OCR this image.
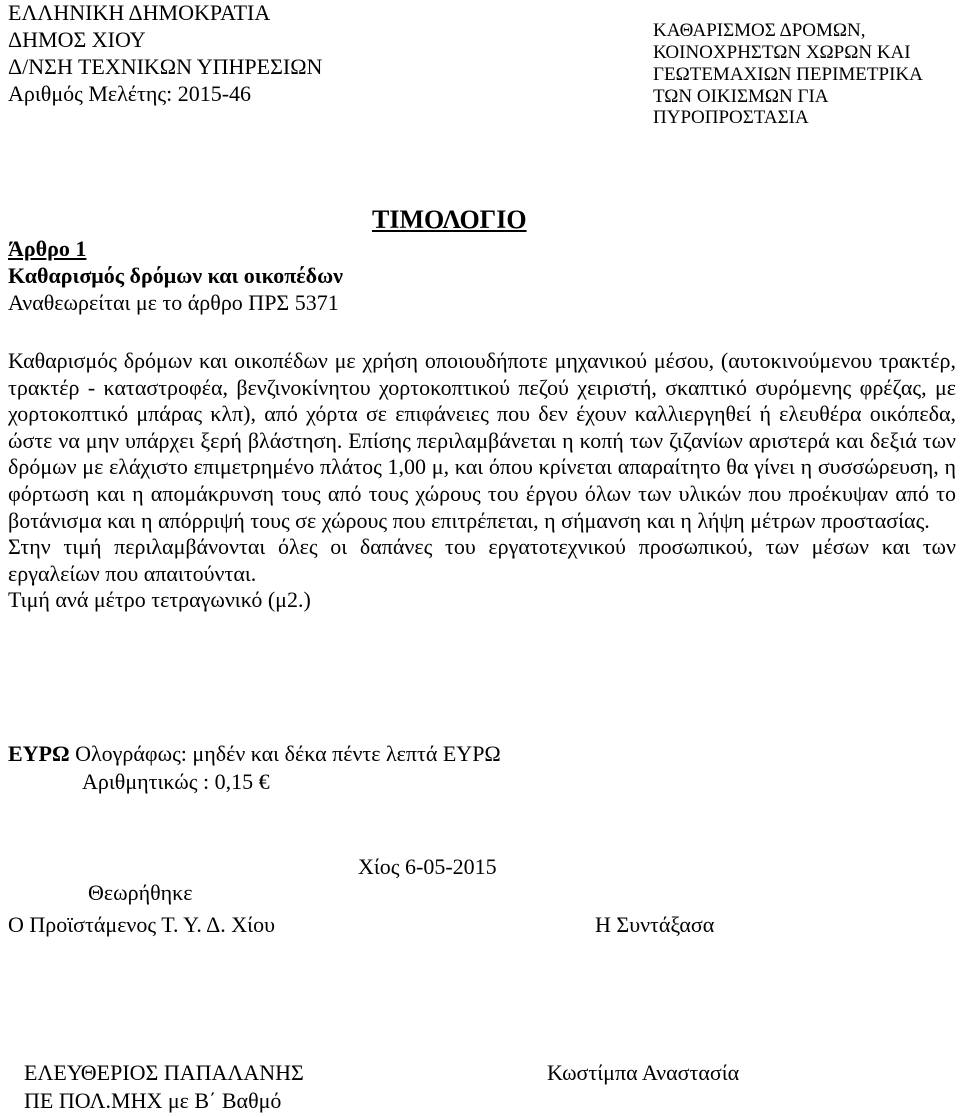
ΕΛΛΗΝΙΚΗ ΔΗΜΟΚΡΑΤΙΑ
ΔΗΜΟΣ ΧΙΟΥ
Δ/ΝΣΗ ΤΕΧΝΙΚΩΝ ΥΠΗΡΕΣΙΩΝ
Αριθμός Μελέτης: 2015-46
ΚΑΘΑΡΙΣΜΟΣ ΔΡΟΜΩΝ,
ΚΟΙΝΟΧΡΗΣΤΩΝ ΧΩΡΩΝ ΚΑΙ
ΓΕΩΤΕΜΑΧΙΩΝ ΠΕΡΙΜΕΤΡΙΚΑ
ΤΩΝ ΟΙΚΙΣΜΩΝ ΓΙΑ
ΠΥΡΟΠΡΟΣΤΑΣΙΑ
ΤΙΜΟΛΟΓΙΟ
Άρθρο 1
Καθαρισμός δρόμων και οικοπέδων
Αναθεωρείται με το άρθρο ΠΡΣ 5371

Καθαρισμός δρόμων και οικοπέδων με χρήση οποιουδήποτε μηχανικού μέσου, (αυτοκινούμενου τρακτέρ, τρακτέρ - καταστροφέα, βενζινοκίνητου χορτοκοπτικού πεζού χειριστή, σκαπτικό συρόμενης φρέζας, με χορτοκοπτικό μπάρας κλπ), από χόρτα σε επιφάνειες που δεν έχουν καλλιεργηθεί ή ελευθέρα οικόπεδα, ώστε να μην υπάρχει ξερή βλάστηση. Επίσης περιλαμβάνεται η κοπή των ζιζανίων αριστερά και δεξιά των δρόμων με ελάχιστο επιμετρημένο πλάτος 1,00 μ, και όπου κρίνεται απαραίτητο θα γίνει η συσσώρευση, η φόρτωση και η απομάκρυνση τους από τους χώρους του έργου όλων των υλικών που προέκυψαν από το βοτάνισμα και η απόρριψή τους σε χώρους που επιτρέπεται, η σήμανση και η λήψη μέτρων προστασίας.

Στην τιμή περιλαμβάνονται όλες οι δαπάνες του εργατοτεχνικού προσωπικού, των μέσων και των εργαλείων που απαιτούνται.

Τιμή ανά μέτρο τετραγωνικό (μ2.)

ΕΥΡΩ Ολογράφως: μηδέν και δέκα πέντε λεπτά ΕΥΡΩ
Αριθμητικώς : 0,15 €
Χίος 6-05-2015
Θεωρήθηκε
Ο Προϊστάμενος Τ. Υ. Δ. Χίου	Η Συντάξασα
ΕΛΕΥΘΕΡΙΟΣ ΠΑΠΑΛΑΝΗΣ
ΠΕ ΠΟΛ.ΜΗΧ με Β΄ Βαθμό
Κωστίμπα Αναστασία
